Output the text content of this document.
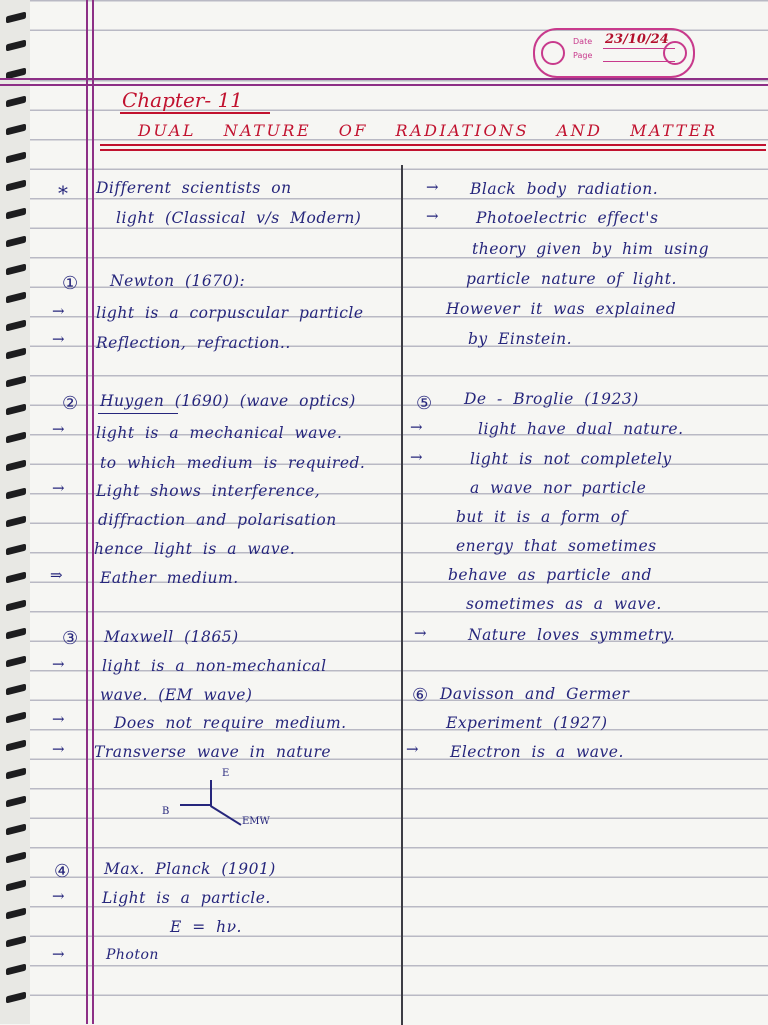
Date
Page
23/10/24
Chapter- 11
DUAL NATURE OF RADIATIONS AND MATTER
* Different scientists on
light (Classical v/s Modern)
① Newton (1670):
→ light is a corpuscular particle
→ Reflection, refraction..
② Huygen (1690) (wave optics)
→ light is a mechanical wave.
to which medium is required.
→ Light shows interference,
diffraction and polarisation
hence light is a wave.
⇒ Eather medium.
③ Maxwell (1865)
→ light is a non-mechanical
wave. (EM wave)
→	Does not require medium.
→ Transverse wave in nature
E
B
EMW
④ Max. Planck (1901)
→ Light is a particle.
E = hν.
→	Photon
→ Black body radiation.
→ Photoelectric effect's
theory given by him using
particle nature of light.
However it was explained
by Einstein.
⑤ De - Broglie (1923)
→	light have dual nature.
→	light is not completely
a wave nor particle
but it is a form of
energy that sometimes
behave as particle and
sometimes as a wave.
→	Nature loves symmetry.
⑥ Davisson and Germer
Experiment (1927)
→ Electron is a wave.
